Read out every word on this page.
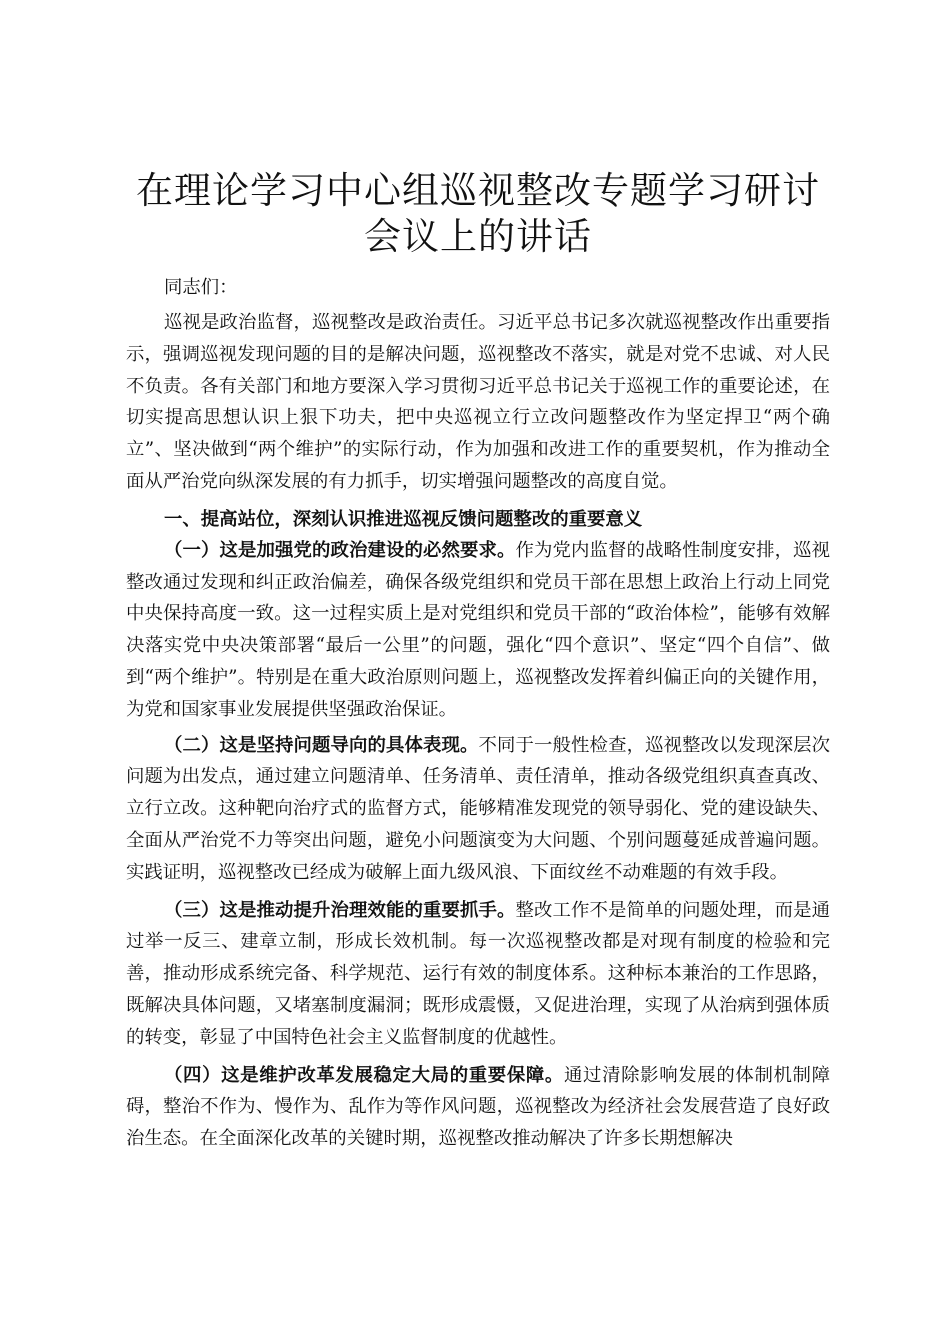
在理论学习中心组巡视整改专题学习研讨会议上的讲话

同志们：

巡视是政治监督，巡视整改是政治责任。习近平总书记多次就巡视整改作出重要指示，强调巡视发现问题的目的是解决问题，巡视整改不落实，就是对党不忠诚、对人民不负责。各有关部门和地方要深入学习贯彻习近平总书记关于巡视工作的重要论述，在切实提高思想认识上狠下功夫，把中央巡视立行立改问题整改作为坚定捍卫“两个确立”、坚决做到“两个维护”的实际行动，作为加强和改进工作的重要契机，作为推动全面从严治党向纵深发展的有力抓手，切实增强问题整改的高度自觉。

一、提高站位，深刻认识推进巡视反馈问题整改的重要意义

（一）这是加强党的政治建设的必然要求。作为党内监督的战略性制度安排，巡视整改通过发现和纠正政治偏差，确保各级党组织和党员干部在思想上政治上行动上同党中央保持高度一致。这一过程实质上是对党组织和党员干部的“政治体检”，能够有效解决落实党中央决策部署“最后一公里”的问题，强化“四个意识”、坚定“四个自信”、做到“两个维护”。特别是在重大政治原则问题上，巡视整改发挥着纠偏正向的关键作用，为党和国家事业发展提供坚强政治保证。

（二）这是坚持问题导向的具体表现。不同于一般性检查，巡视整改以发现深层次问题为出发点，通过建立问题清单、任务清单、责任清单，推动各级党组织真查真改、立行立改。这种靶向治疗式的监督方式，能够精准发现党的领导弱化、党的建设缺失、全面从严治党不力等突出问题，避免小问题演变为大问题、个别问题蔓延成普遍问题。实践证明，巡视整改已经成为破解上面九级风浪、下面纹丝不动难题的有效手段。

（三）这是推动提升治理效能的重要抓手。整改工作不是简单的问题处理，而是通过举一反三、建章立制，形成长效机制。每一次巡视整改都是对现有制度的检验和完善，推动形成系统完备、科学规范、运行有效的制度体系。这种标本兼治的工作思路，既解决具体问题，又堵塞制度漏洞；既形成震慑，又促进治理，实现了从治病到强体质的转变，彰显了中国特色社会主义监督制度的优越性。

（四）这是维护改革发展稳定大局的重要保障。通过清除影响发展的体制机制障碍，整治不作为、慢作为、乱作为等作风问题，巡视整改为经济社会发展营造了良好政治生态。在全面深化改革的关键时期，巡视整改推动解决了许多长期想解决
